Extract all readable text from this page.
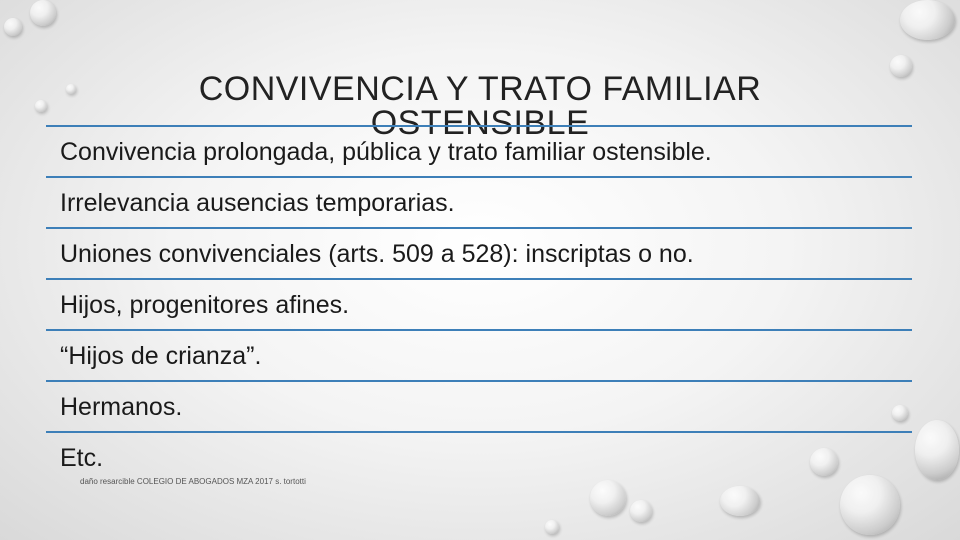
CONVIVENCIA Y TRATO FAMILIAR OSTENSIBLE
Convivencia prolongada, pública y trato familiar ostensible.
Irrelevancia ausencias temporarias.
Uniones convivenciales (arts. 509 a 528): inscriptas o no.
Hijos, progenitores afines.
“Hijos de crianza”.
Hermanos.
Etc.
daño resarcible COLEGIO DE ABOGADOS MZA 2017 s. tortotti
